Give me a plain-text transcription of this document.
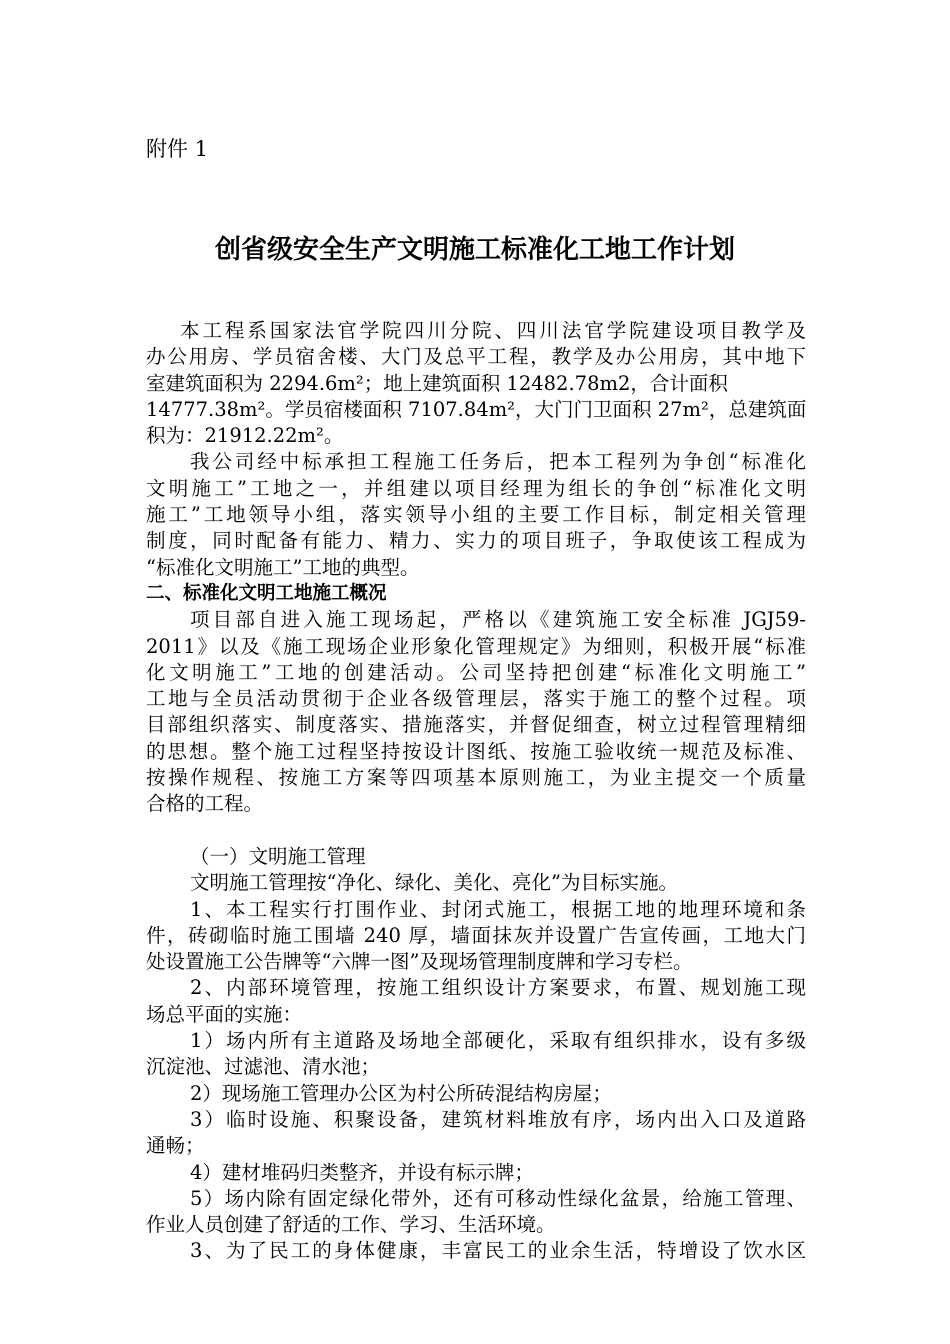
附件 1
创省级安全生产文明施工标准化工地工作计划
本工程系国家法官学院四川分院、四川法官学院建设项目教学及
办公用房、学员宿舍楼、大门及总平工程，教学及办公用房，其中地下
室建筑面积为 2294.6m²；地上建筑面积 12482.78m2，合计面积
14777.38m²。学员宿楼面积 7107.84m²，大门门卫面积 27m²，总建筑面
积为：21912.22m²。
我公司经中标承担工程施工任务后，把本工程列为争创“标准化
文明施工”工地之一，并组建以项目经理为组长的争创“标准化文明
施工”工地领导小组，落实领导小组的主要工作目标，制定相关管理
制度，同时配备有能力、精力、实力的项目班子，争取使该工程成为
“标准化文明施工”工地的典型。
二、标准化文明工地施工概况
项目部自进入施工现场起，严格以《建筑施工安全标准 JGJ59-
2011》以及《施工现场企业形象化管理规定》为细则，积极开展“标准
化文明施工”工地的创建活动。公司坚持把创建“标准化文明施工”
工地与全员活动贯彻于企业各级管理层，落实于施工的整个过程。项
目部组织落实、制度落实、措施落实，并督促细查，树立过程管理精细
的思想。整个施工过程坚持按设计图纸、按施工验收统一规范及标准、
按操作规程、按施工方案等四项基本原则施工，为业主提交一个质量
合格的工程。
（一）文明施工管理
文明施工管理按“净化、绿化、美化、亮化”为目标实施。
1、本工程实行打围作业、封闭式施工，根据工地的地理环境和条
件，砖砌临时施工围墙 240 厚，墙面抹灰并设置广告宣传画，工地大门
处设置施工公告牌等“六牌一图”及现场管理制度牌和学习专栏。
2、内部环境管理，按施工组织设计方案要求，布置、规划施工现
场总平面的实施：
1）场内所有主道路及场地全部硬化，采取有组织排水，设有多级
沉淀池、过滤池、清水池；
2）现场施工管理办公区为村公所砖混结构房屋；
3）临时设施、积聚设备，建筑材料堆放有序，场内出入口及道路
通畅；
4）建材堆码归类整齐，并设有标示牌；
5）场内除有固定绿化带外，还有可移动性绿化盆景，给施工管理、
作业人员创建了舒适的工作、学习、生活环境。
3、为了民工的身体健康，丰富民工的业余生活，特增设了饮水区
